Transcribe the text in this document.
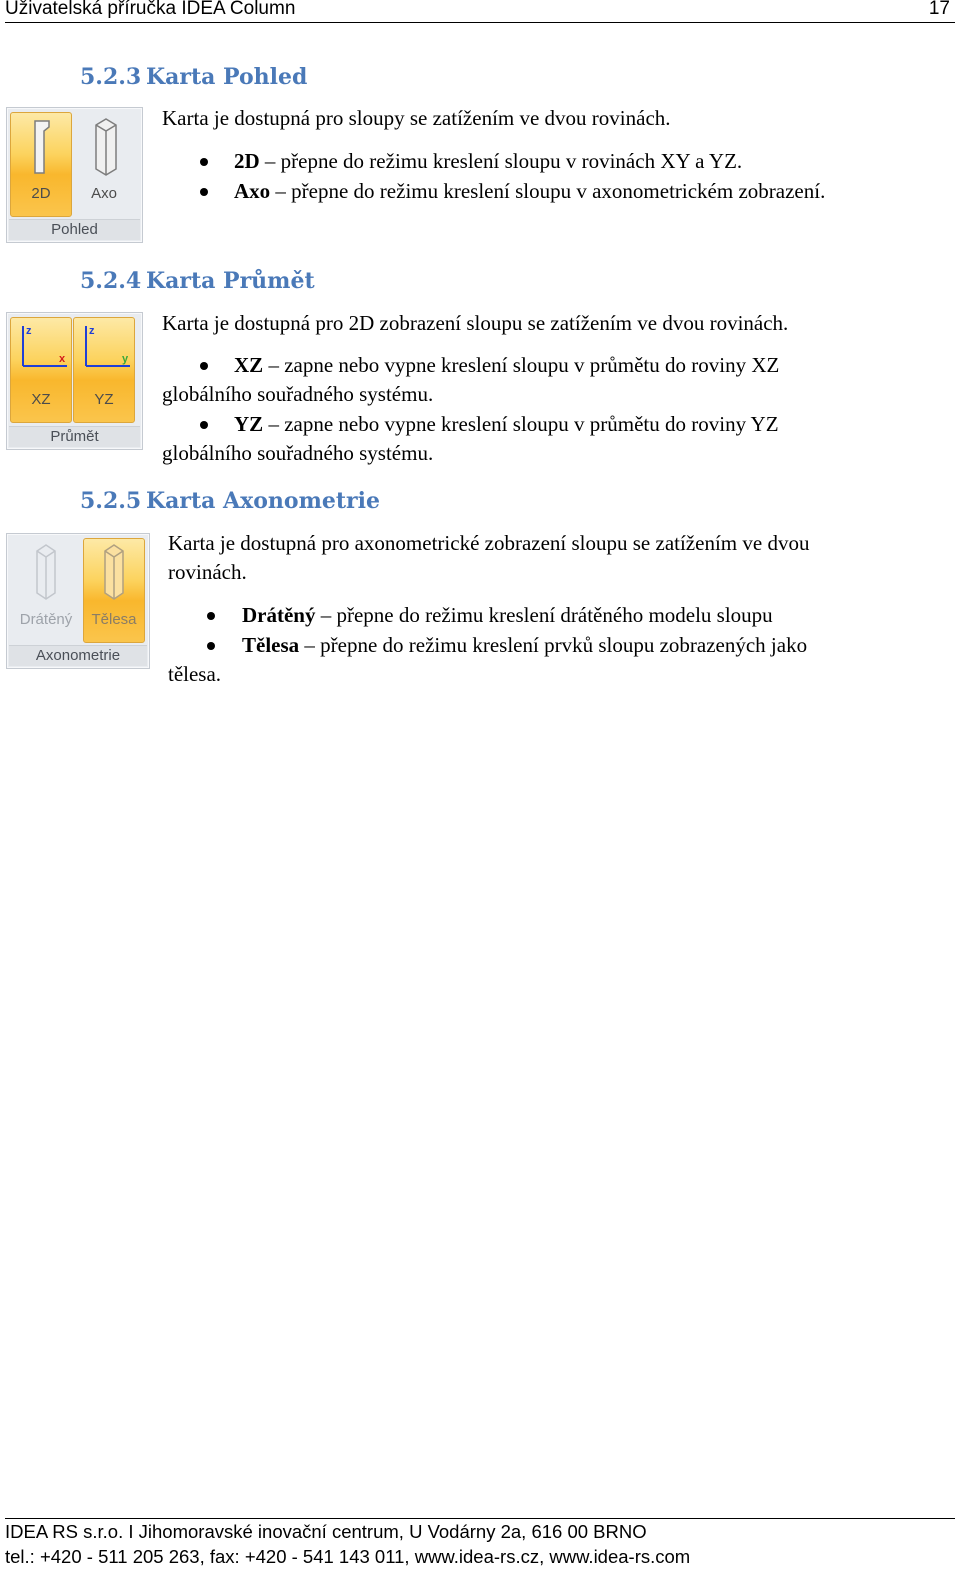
Uživatelská příručka IDEA Column	17
5.2.3 Karta Pohled
2D	Axo
Pohled
Karta je dostupná pro sloupy se zatížením ve dvou rovinách.
2D – přepne do režimu kreslení sloupu v rovinách XY a YZ.
Axo – přepne do režimu kreslení sloupu v axonometrickém zobrazení.
5.2.4 Karta Průmět
z
x
XZ
z
y
YZ
Průmět
Karta je dostupná pro 2D zobrazení sloupu se zatížením ve dvou rovinách.
XZ – zapne nebo vypne kreslení sloupu v průmětu do roviny XZ
globálního souřadného systému.
YZ – zapne nebo vypne kreslení sloupu v průmětu do roviny YZ
globálního souřadného systému.
5.2.5 Karta Axonometrie
Drátěný	Tělesa
Axonometrie
Karta je dostupná pro axonometrické zobrazení sloupu se zatížením ve dvou
rovinách.
Drátěný – přepne do režimu kreslení drátěného modelu sloupu
Tělesa – přepne do režimu kreslení prvků sloupu zobrazených jako
tělesa.
IDEA RS s.r.o. I Jihomoravské inovační centrum, U Vodárny 2a, 616 00 BRNO
tel.: +420 - 511 205 263, fax: +420 - 541 143 011, www.idea-rs.cz, www.idea-rs.com
